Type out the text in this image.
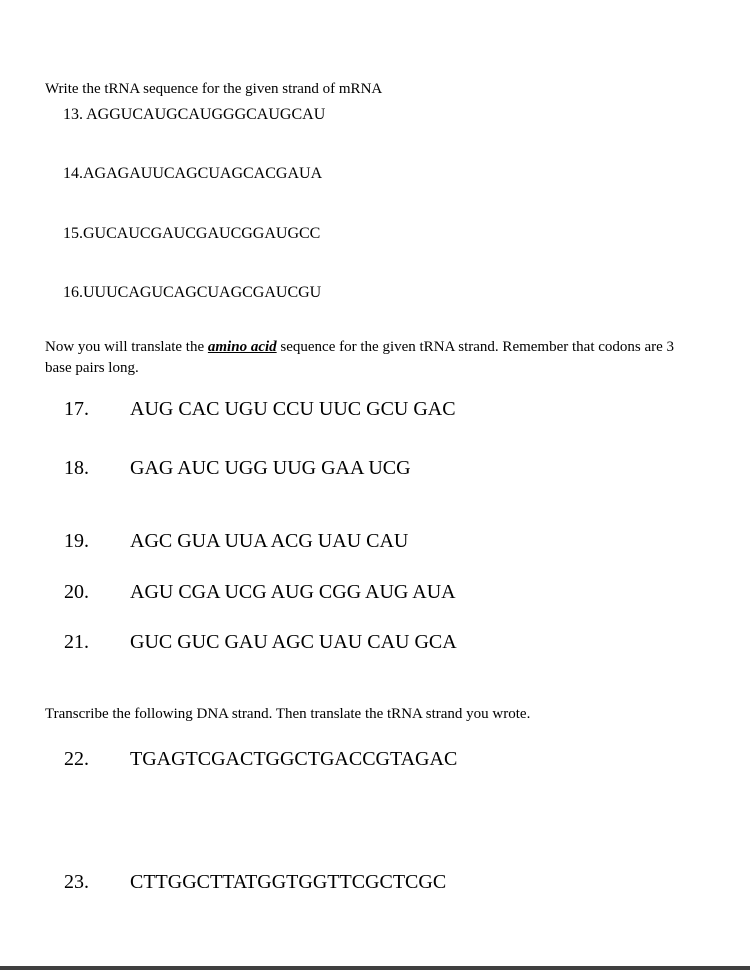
Write the tRNA sequence for the given strand of mRNA
13. AGGUCAUGCAUGGGCAUGCAU
14.AGAGAUUCAGCUAGCACGAUA
15.GUCAUCGAUCGAUCGGAUGCC
16.UUUCAGUCAGCUAGCGAUCGU
Now you will translate the amino acid sequence for the given tRNA strand. Remember that codons are 3 base pairs long.
17. AUG CAC UGU CCU UUC GCU GAC
18. GAG AUC UGG UUG GAA UCG
19. AGC GUA UUA ACG UAU CAU
20. AGU CGA UCG AUG CGG AUG AUA
21. GUC GUC GAU AGC UAU CAU GCA
Transcribe the following DNA strand. Then translate the tRNA strand you wrote.
22. TGAGTCGACTGGCTGACCGTAGAC
23. CTTGGCTTATGGTGGTTCGCTCGC
